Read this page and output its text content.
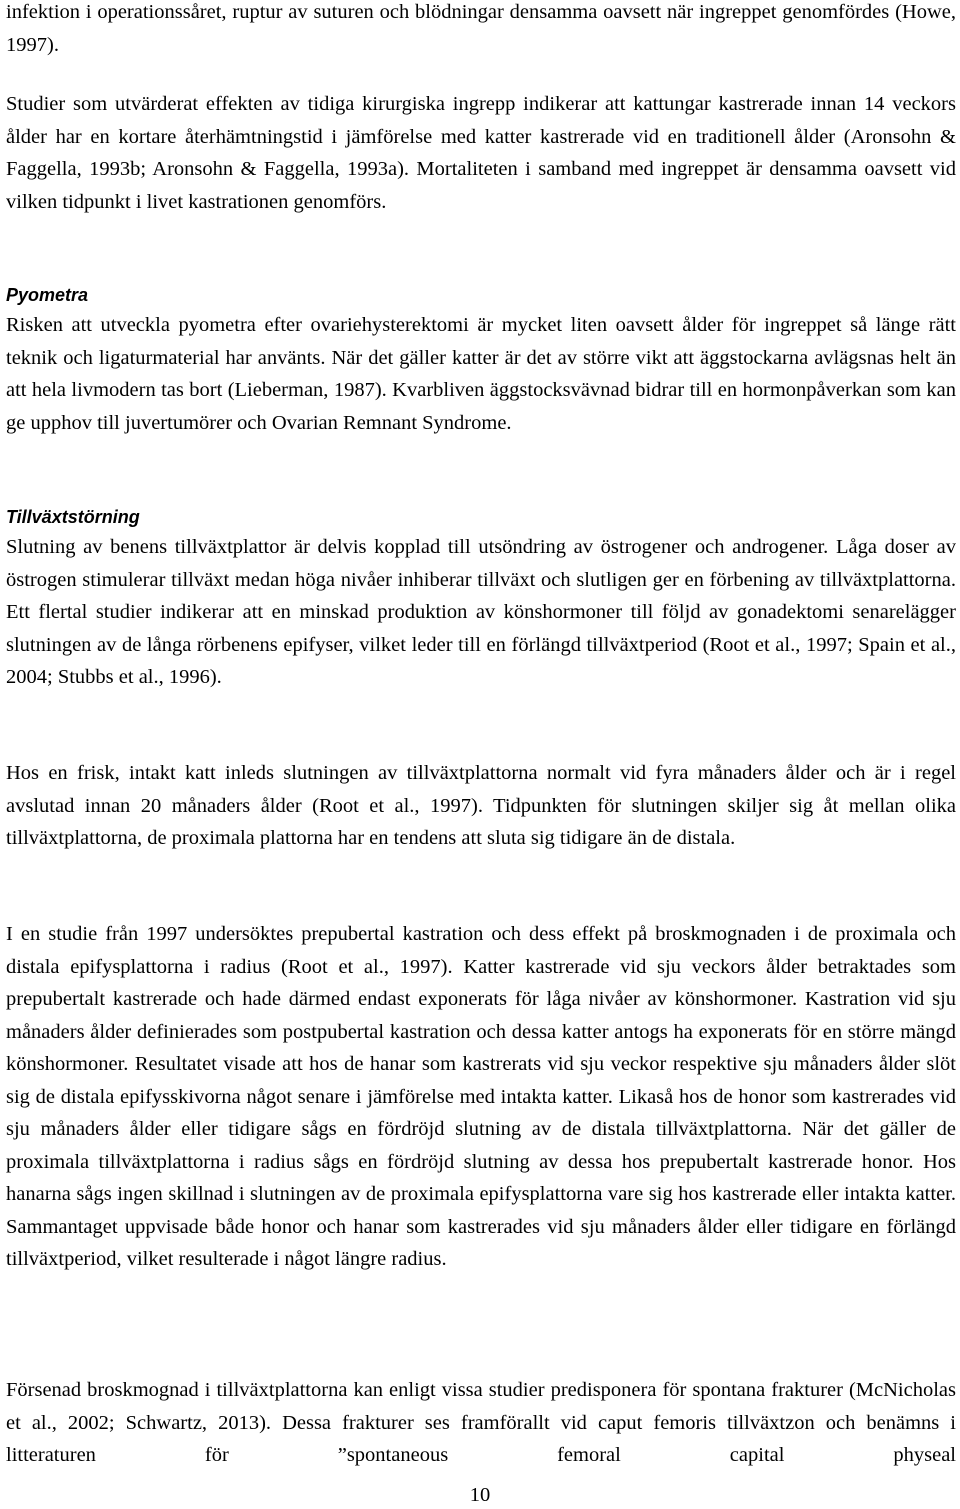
infektion i operationssåret, ruptur av suturen och blödningar densamma oavsett när ingreppet genomfördes (Howe, 1997).

Studier som utvärderat effekten av tidiga kirurgiska ingrepp indikerar att kattungar kastrerade innan 14 veckors ålder har en kortare återhämtningstid i jämförelse med katter kastrerade vid en traditionell ålder (Aronsohn & Faggella, 1993b; Aronsohn & Faggella, 1993a). Mortaliteten i samband med ingreppet är densamma oavsett vid vilken tidpunkt i livet kastrationen genomförs.

Pyometra

Risken att utveckla pyometra efter ovariehysterektomi är mycket liten oavsett ålder för ingreppet så länge rätt teknik och ligaturmaterial har använts. När det gäller katter är det av större vikt att äggstockarna avlägsnas helt än att hela livmodern tas bort (Lieberman, 1987). Kvarbliven äggstocksvävnad bidrar till en hormonpåverkan som kan ge upphov till juvertumörer och Ovarian Remnant Syndrome.

Tillväxtstörning

Slutning av benens tillväxtplattor är delvis kopplad till utsöndring av östrogener och androgener. Låga doser av östrogen stimulerar tillväxt medan höga nivåer inhiberar tillväxt och slutligen ger en förbening av tillväxtplattorna. Ett flertal studier indikerar att en minskad produktion av könshormoner till följd av gonadektomi senarelägger slutningen av de långa rörbenens epifyser, vilket leder till en förlängd tillväxtperiod (Root et al., 1997; Spain et al., 2004; Stubbs et al., 1996).

Hos en frisk, intakt katt inleds slutningen av tillväxtplattorna normalt vid fyra månaders ålder och är i regel avslutad innan 20 månaders ålder (Root et al., 1997). Tidpunkten för slutningen skiljer sig åt mellan olika tillväxtplattorna, de proximala plattorna har en tendens att sluta sig tidigare än de distala.

I en studie från 1997 undersöktes prepubertal kastration och dess effekt på broskmognaden i de proximala och distala epifysplattorna i radius (Root et al., 1997). Katter kastrerade vid sju veckors ålder betraktades som prepubertalt kastrerade och hade därmed endast exponerats för låga nivåer av könshormoner. Kastration vid sju månaders ålder definierades som postpubertal kastration och dessa katter antogs ha exponerats för en större mängd könshormoner. Resultatet visade att hos de hanar som kastrerats vid sju veckor respektive sju månaders ålder slöt sig de distala epifysskivorna något senare i jämförelse med intakta katter. Likaså hos de honor som kastrerades vid sju månaders ålder eller tidigare sågs en fördröjd slutning av de distala tillväxtplattorna. När det gäller de proximala tillväxtplattorna i radius sågs en fördröjd slutning av dessa hos prepubertalt kastrerade honor. Hos hanarna sågs ingen skillnad i slutningen av de proximala epifysplattorna vare sig hos kastrerade eller intakta katter. Sammantaget uppvisade både honor och hanar som kastrerades vid sju månaders ålder eller tidigare en förlängd tillväxtperiod, vilket resulterade i något längre radius.

Försenad broskmognad i tillväxtplattorna kan enligt vissa studier predisponera för spontana frakturer (McNicholas et al., 2002; Schwartz, 2013). Dessa frakturer ses framförallt vid caput femoris tillväxtzon och benämns i litteraturen för ”spontaneous femoral capital physeal

10
